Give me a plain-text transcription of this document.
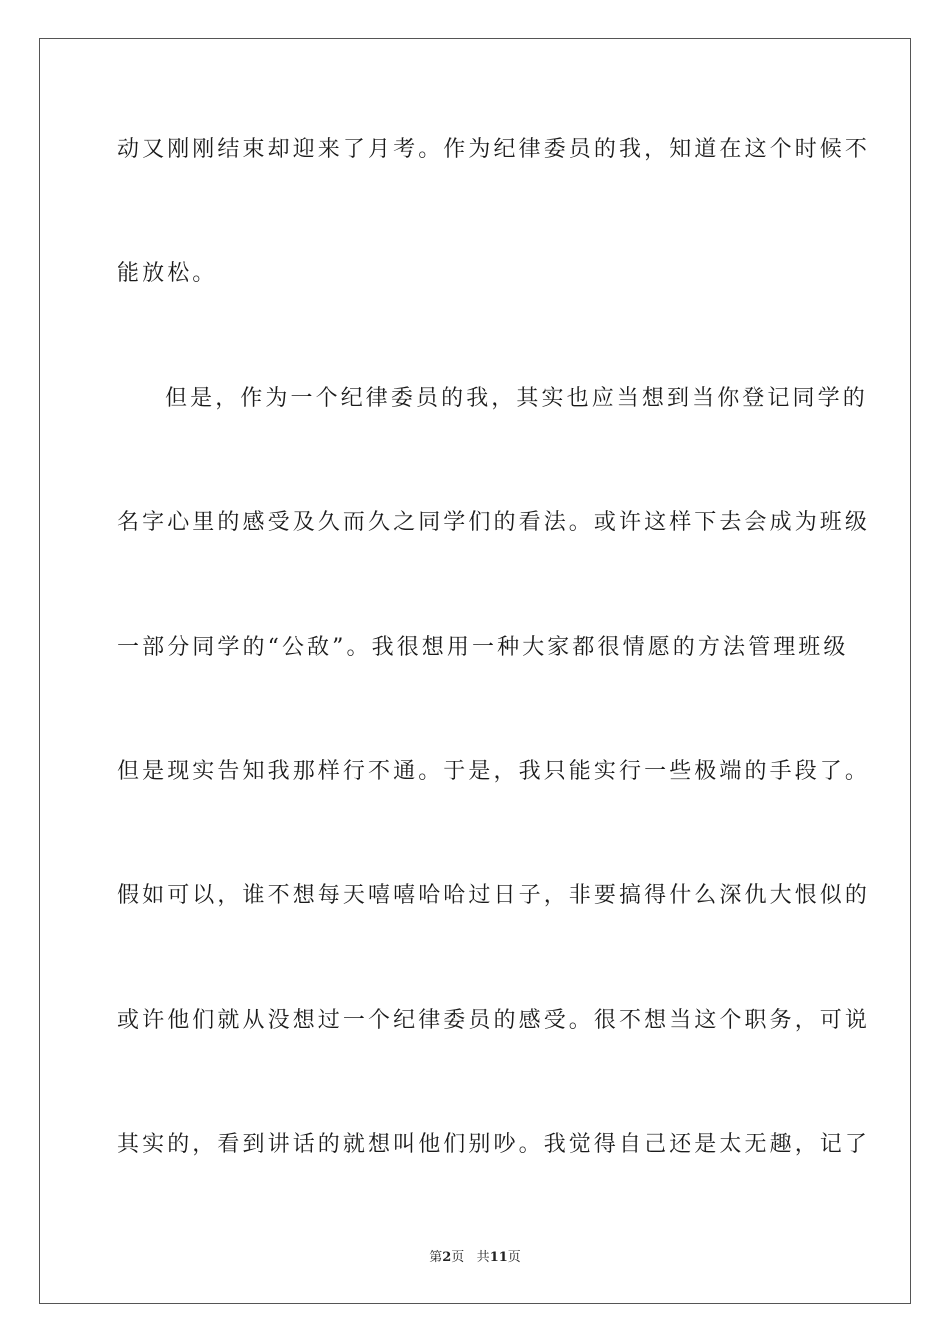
动又刚刚结束却迎来了月考。作为纪律委员的我，知道在这个时候不
能放松。
但是，作为一个纪律委员的我，其实也应当想到当你登记同学的
名字心里的感受及久而久之同学们的看法。或许这样下去会成为班级
一部分同学的“公敌”。我很想用一种大家都很情愿的方法管理班级
但是现实告知我那样行不通。于是，我只能实行一些极端的手段了。
假如可以，谁不想每天嘻嘻哈哈过日子，非要搞得什么深仇大恨似的
或许他们就从没想过一个纪律委员的感受。很不想当这个职务，可说
其实的，看到讲话的就想叫他们别吵。我觉得自己还是太无趣，记了
第2页 共11页
